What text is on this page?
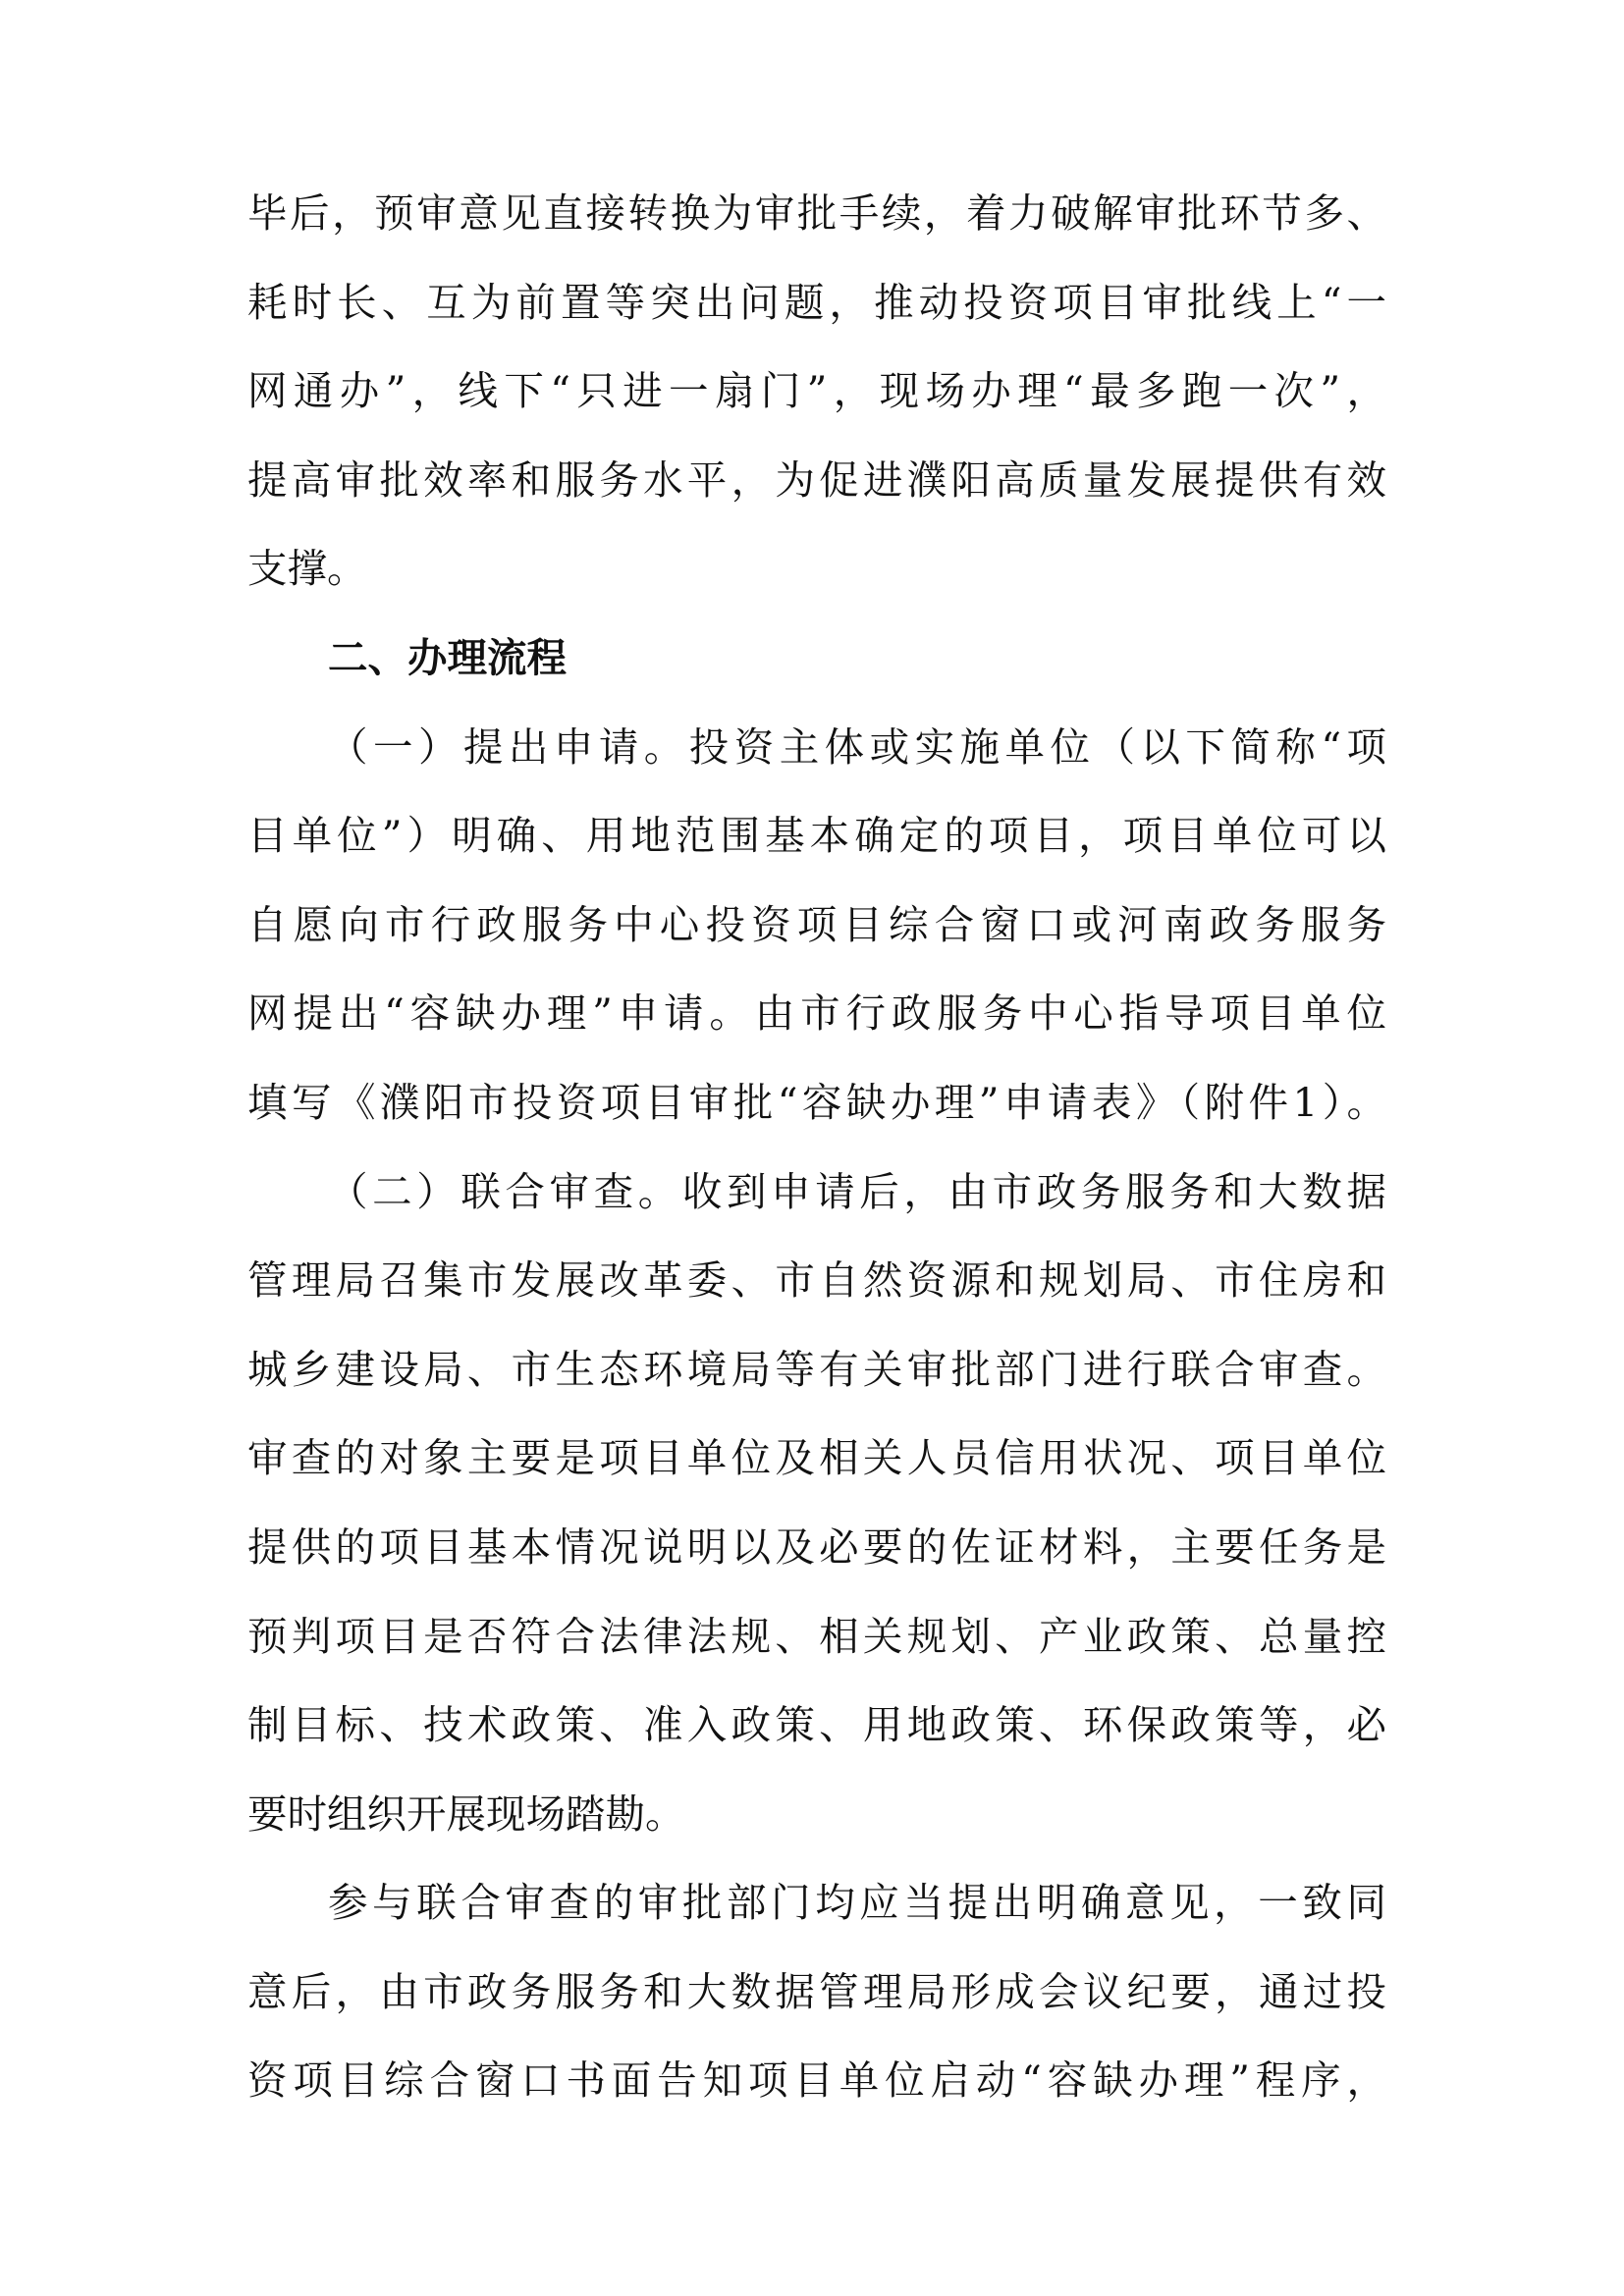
毕后，预审意见直接转换为审批手续，着力破解审批环节多、
耗时长、互为前置等突出问题，推动投资项目审批线上“一
网通办”，线下“只进一扇门”，现场办理“最多跑一次”，
提高审批效率和服务水平，为促进濮阳高质量发展提供有效
支撑。
二、办理流程
（一）提出申请。投资主体或实施单位（以下简称“项
目单位”）明确、用地范围基本确定的项目，项目单位可以
自愿向市行政服务中心投资项目综合窗口或河南政务服务
网提出“容缺办理”申请。由市行政服务中心指导项目单位
填写《濮阳市投资项目审批“容缺办理”申请表》（附件1）。
（二）联合审查。收到申请后，由市政务服务和大数据
管理局召集市发展改革委、市自然资源和规划局、市住房和
城乡建设局、市生态环境局等有关审批部门进行联合审查。
审查的对象主要是项目单位及相关人员信用状况、项目单位
提供的项目基本情况说明以及必要的佐证材料，主要任务是
预判项目是否符合法律法规、相关规划、产业政策、总量控
制目标、技术政策、准入政策、用地政策、环保政策等，必
要时组织开展现场踏勘。
参与联合审查的审批部门均应当提出明确意见，一致同
意后，由市政务服务和大数据管理局形成会议纪要，通过投
资项目综合窗口书面告知项目单位启动“容缺办理”程序，
